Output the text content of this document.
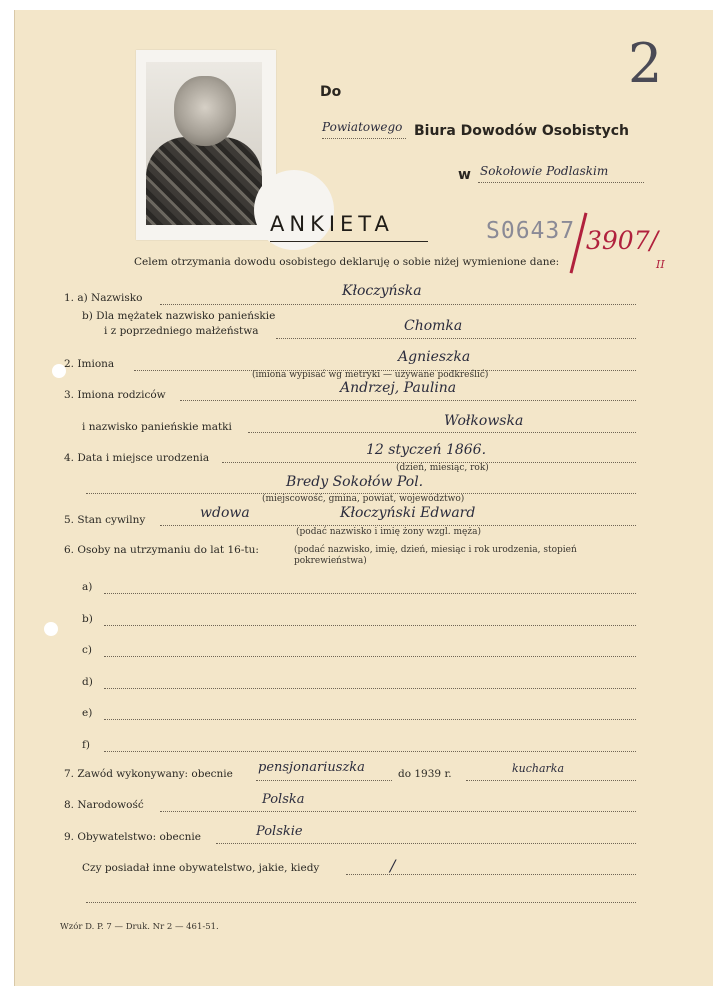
2
Do
Powiatowego Biura Dowodów Osobistych
w Sokołowie Podlaskim
ANKIETA	S06437 3907/
II
Celem otrzymania dowodu osobistego deklaruję o sobie niżej wymienione dane:
1. a) Nazwisko	Kłoczyńska
b) Dla mężatek nazwisko panieńskie
i z poprzedniego małżeństwa	Chomka
2. Imiona	Agnieszka
(imiona wypisać wg metryki — używane podkreślić)
3. Imiona rodziców	Andrzej, Paulina
i nazwisko panieńskie matki	Wołkowska
4. Data i miejsce urodzenia	12 styczeń 1866.
(dzień, miesiąc, rok)
Bredy Sokołów Pol.
(miejscowość, gmina, powiat, województwo)
5. Stan cywilny	wdowa	Kłoczyński Edward
(podać nazwisko i imię żony wzgl. męża)
6. Osoby na utrzymaniu do lat 16-tu:	(podać nazwisko, imię, dzień, miesiąc i rok urodzenia, stopień pokrewieństwa)
a)
b)
c)
d)
e)
f)
7. Zawód wykonywany: obecnie pensjonariuszka	do 1939 r.	kucharka
8. Narodowość	Polska
9. Obywatelstwo: obecnie	Polskie
Czy posiadał inne obywatelstwo, jakie, kiedy	/
Wzór D. P. 7 — Druk. Nr 2 — 461-51.
